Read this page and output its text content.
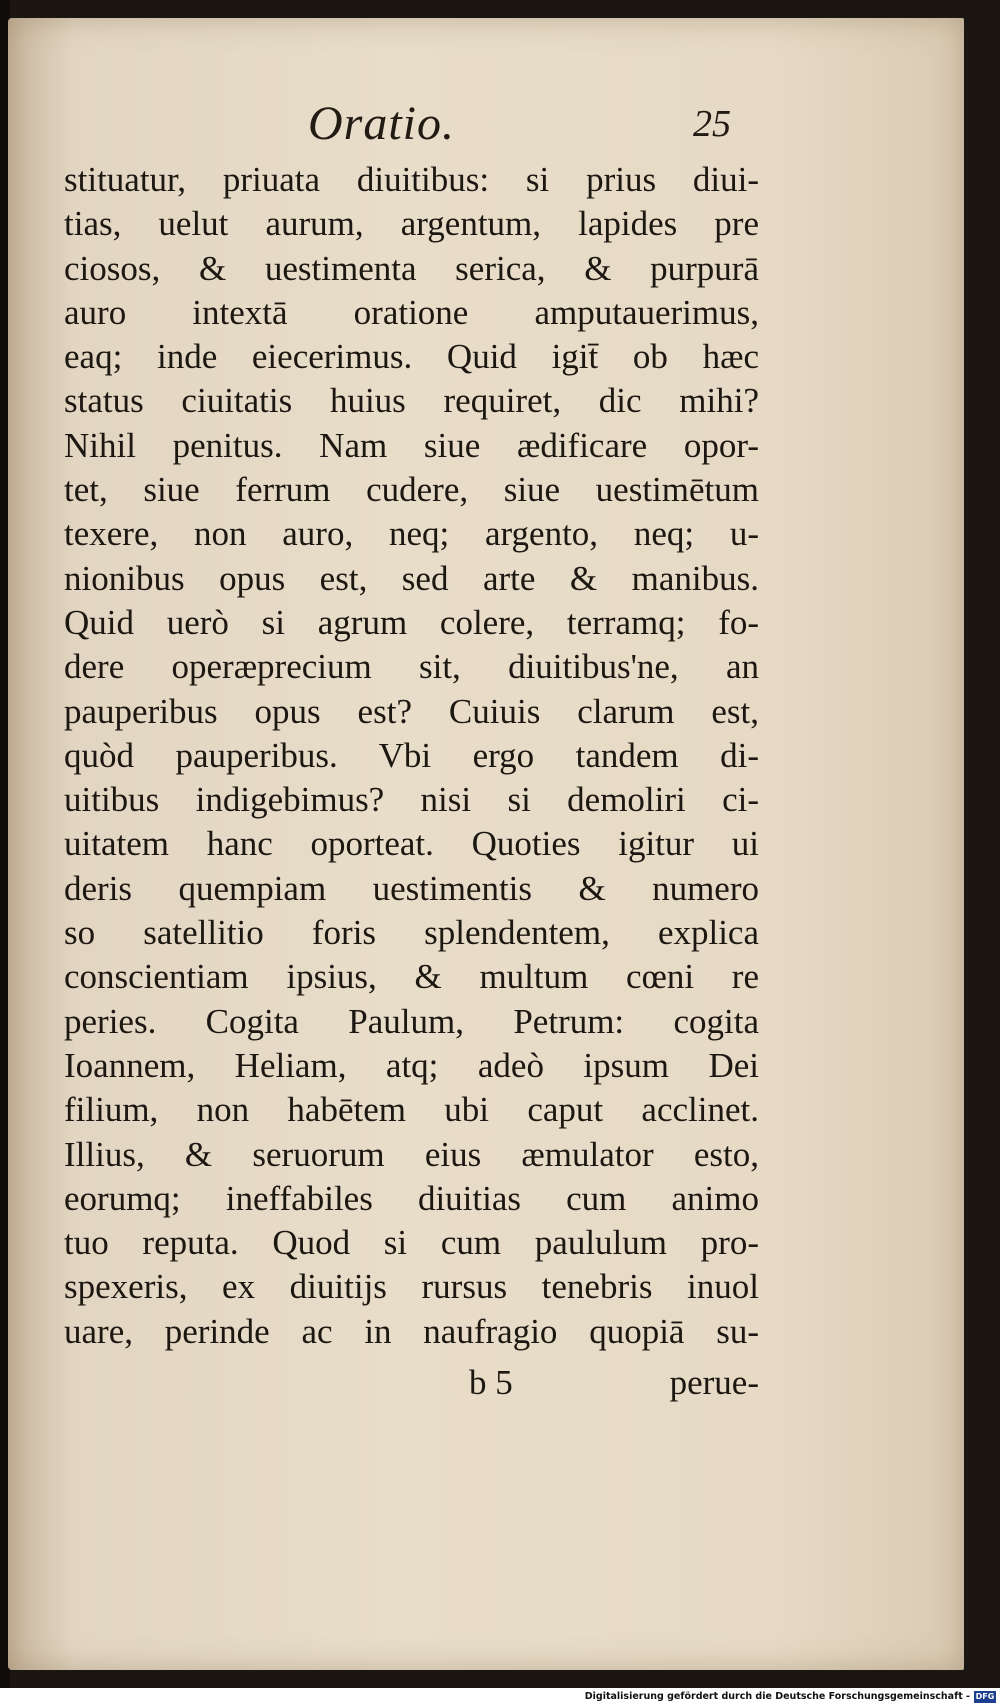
Oratio.	25
stituatur, priuata diuitibus: si prius diui-
tias, uelut aurum, argentum, lapides pre
ciosos, & uestimenta serica, & purpurā
auro intextā oratione amputauerimus,
eaq; inde eiecerimus. Quid igit̄ ob hæc
status ciuitatis huius requiret, dic mihi?
Nihil penitus. Nam siue ædificare opor-
tet, siue ferrum cudere, siue uestimētum
texere, non auro, neq; argento, neq; u-
nionibus opus est, sed arte & manibus.
Quid uerò si agrum colere, terramq; fo-
dere operæprecium sit, diuitibus'ne, an
pauperibus opus est? Cuiuis clarum est,
quòd pauperibus. Vbi ergo tandem di-
uitibus indigebimus? nisi si demoliri ci-
uitatem hanc oporteat. Quoties igitur ui
deris quempiam uestimentis & numero
so satellitio foris splendentem, explica
conscientiam ipsius, & multum cœni re
peries. Cogita Paulum, Petrum: cogita
Ioannem, Heliam, atq; adeò ipsum Dei
filium, non habētem ubi caput acclinet.
Illius, & seruorum eius æmulator esto,
eorumq; ineffabiles diuitias cum animo
tuo reputa. Quod si cum paululum pro-
spexeris, ex diuitijs rursus tenebris inuol
uare, perinde ac in naufragio quopiā su-
b 5	perue-
Digitalisierung gefördert durch die Deutsche Forschungsgemeinschaft - DFG
